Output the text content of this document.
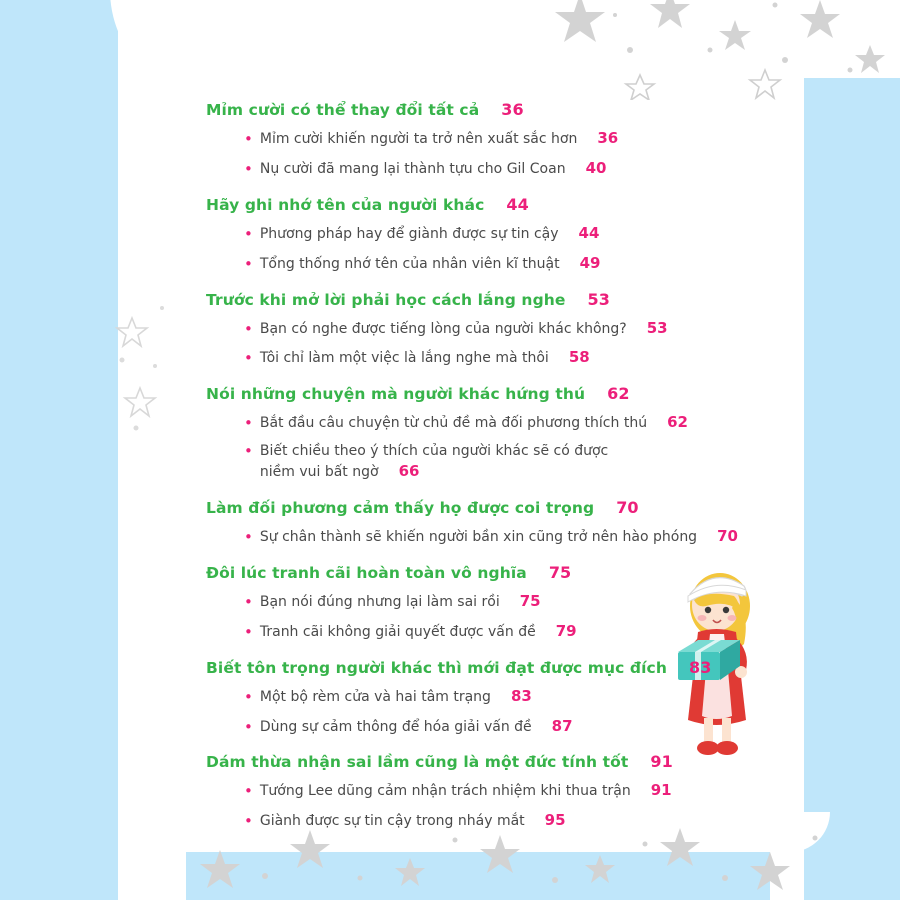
Mỉm cười có thể thay đổi tất cả 36
• Mỉm cười khiến người ta trở nên xuất sắc hơn 36
• Nụ cười đã mang lại thành tựu cho Gil Coan 40
Hãy ghi nhớ tên của người khác 44
• Phương pháp hay để giành được sự tin cậy 44
• Tổng thống nhớ tên của nhân viên kĩ thuật 49
Trước khi mở lời phải học cách lắng nghe 53
• Bạn có nghe được tiếng lòng của người khác không? 53
• Tôi chỉ làm một việc là lắng nghe mà thôi 58
Nói những chuyện mà người khác hứng thú 62
• Bắt đầu câu chuyện từ chủ đề mà đối phương thích thú 62
• Biết chiều theo ý thích của người khác sẽ có được
niềm vui bất ngờ 66
Làm đối phương cảm thấy họ được coi trọng 70
• Sự chân thành sẽ khiến người bần xin cũng trở nên hào phóng 70
Đôi lúc tranh cãi hoàn toàn vô nghĩa 75
• Bạn nói đúng nhưng lại làm sai rồi 75
• Tranh cãi không giải quyết được vấn đề 79
Biết tôn trọng người khác thì mới đạt được mục đích 83
• Một bộ rèm cửa và hai tâm trạng 83
• Dùng sự cảm thông để hóa giải vấn đề 87
Dám thừa nhận sai lầm cũng là một đức tính tốt 91
• Tướng Lee dũng cảm nhận trách nhiệm khi thua trận 91
• Giành được sự tin cậy trong nháy mắt 95
